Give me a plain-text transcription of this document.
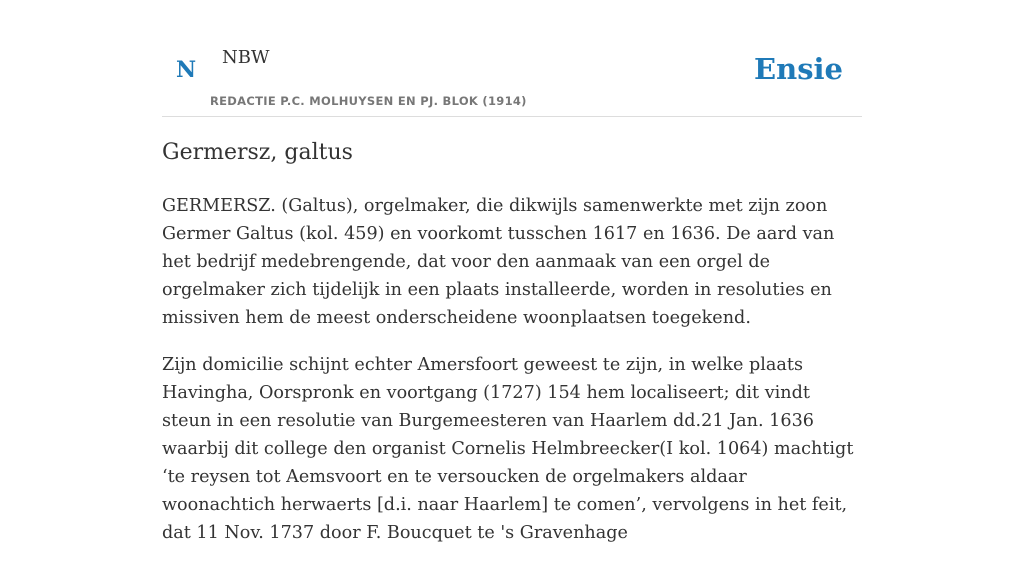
N NBW
REDACTIE P.C. MOLHUYSEN EN PJ. BLOK (1914)
Ensie
Germersz, galtus

GERMERSZ. (Galtus), orgelmaker, die dikwijls samenwerkte met zijn zoon Germer Galtus (kol. 459) en voorkomt tusschen 1617 en 1636. De aard van het bedrijf medebrengende, dat voor den aanmaak van een orgel de orgelmaker zich tijdelijk in een plaats installeerde, worden in resoluties en missiven hem de meest onderscheidene woonplaatsen toegekend.

Zijn domicilie schijnt echter Amersfoort geweest te zijn, in welke plaats Havingha, Oorspronk en voortgang (1727) 154 hem localiseert; dit vindt steun in een resolutie van Burgemeesteren van Haarlem dd.21 Jan. 1636 waarbij dit college den organist Cornelis Helmbreecker(I kol. 1064) machtigt ‘te reysen tot Aemsvoort en te versoucken de orgelmakers aldaar woonachtich herwaerts [d.i. naar Haarlem] te comen’, vervolgens in het feit, dat 11 Nov. 1737 door F. Boucquet te 's Gravenhage
